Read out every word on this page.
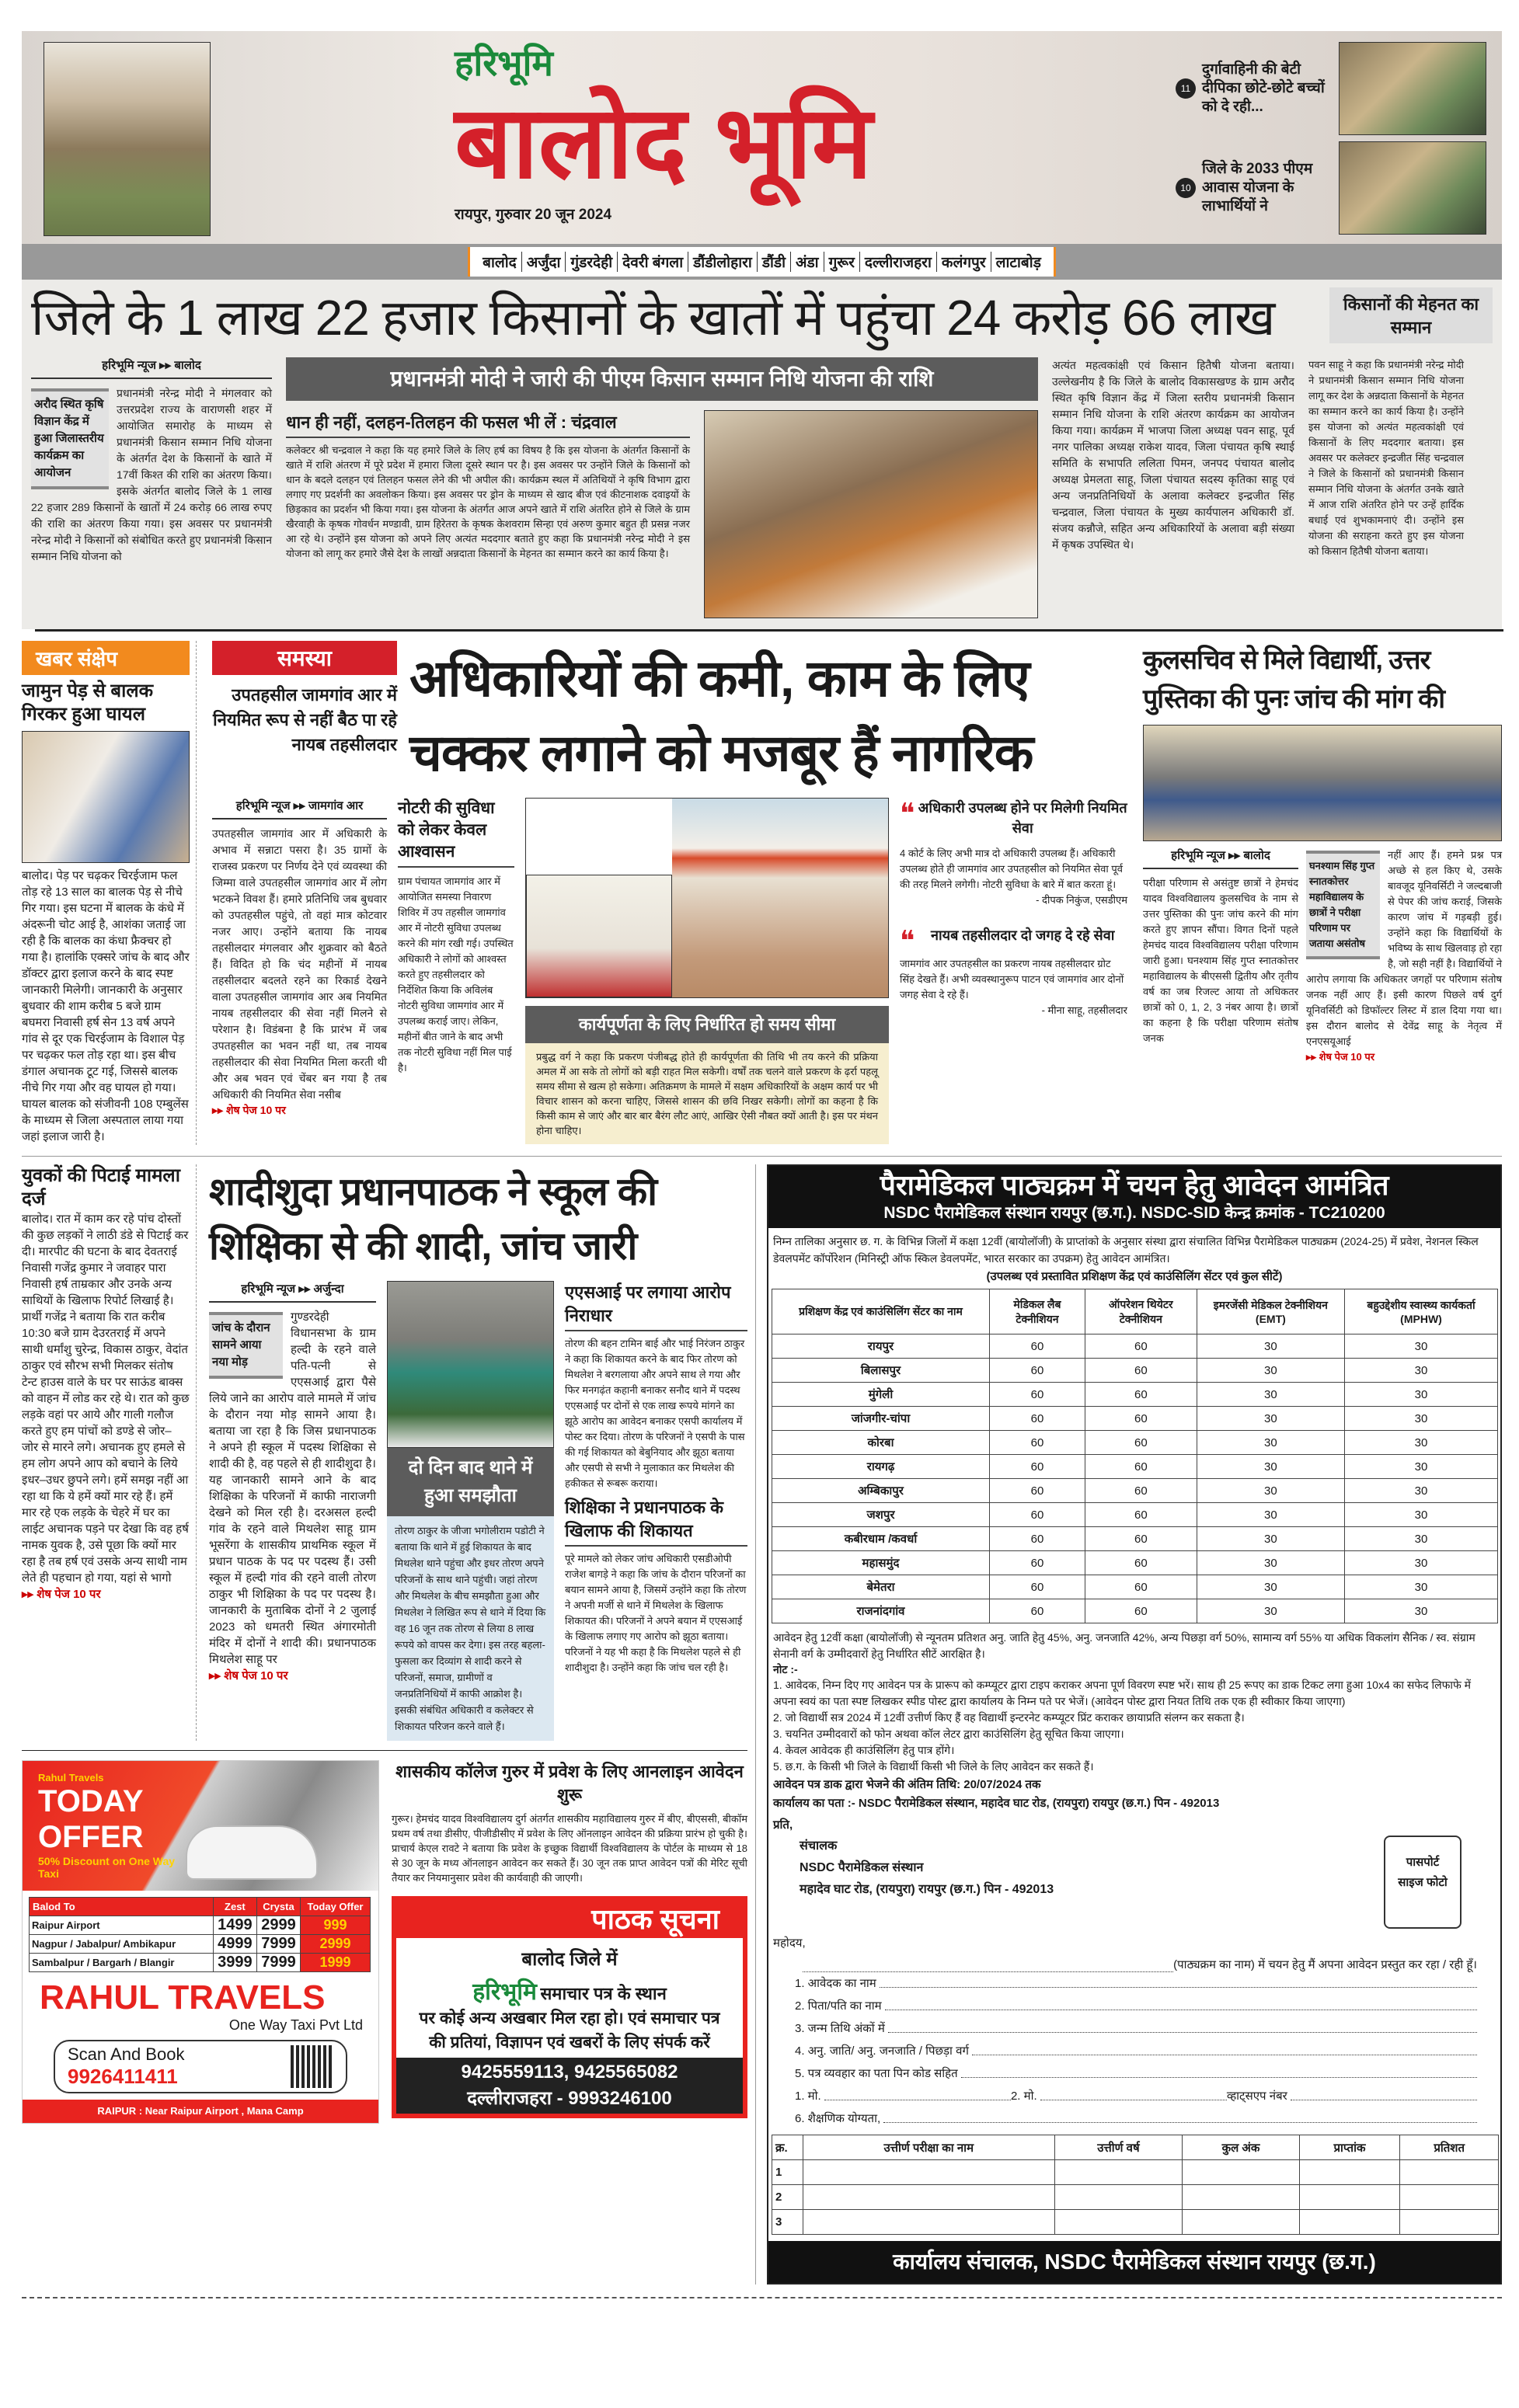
हरिभूमि
बालोद भूमि
रायपुर, गुरुवार 20 जून 2024
11
दुर्गावाहिनी की बेटी दीपिका छोटे-छोटे बच्चों को दे रही...
10
जिले के 2033 पीएम आवास योजना के लाभार्थियों ने
बालोद अर्जुंदा गुंडरदेही देवरी बंगला डौंडीलोहारा डौंडी अंडा गुरूर दल्लीराजहरा कलंगपुर लाटाबोड़
जिले के 1 लाख 22 हजार किसानों के खातों में पहुंचा 24 करोड़ 66 लाख	किसानों की मेहनत का सम्मान
हरिभूमि न्यूज ▸▸ बालोद
अरौद स्थित कृषि विज्ञान केंद्र में हुआ जिलास्तरीय कार्यक्रम का आयोजन
प्रधानमंत्री नरेन्द्र मोदी ने मंगलवार को उत्तरप्रदेश राज्य के वाराणसी शहर में आयोजित समारोह के माध्यम से प्रधानमंत्री किसान सम्मान निधि योजना के अंतर्गत देश के किसानों के खाते में 17वीं किश्त की राशि का अंतरण किया। इसके अंतर्गत बालोद जिले के 1 लाख 22 हजार 289 किसानों के खातों में 24 करोड़ 66 लाख रुपए की राशि का अंतरण किया गया। इस अवसर पर प्रधानमंत्री नरेन्द्र मोदी ने किसानों को संबोधित करते हुए प्रधानमंत्री किसान सम्मान निधि योजना को
प्रधानमंत्री मोदी ने जारी की पीएम किसान सम्मान निधि योजना की राशि
अत्यंत महत्वकांक्षी एवं किसान हितैषी योजना बताया। उल्लेखनीय है कि जिले के बालोद विकासखण्ड के ग्राम अरौद स्थित कृषि विज्ञान केंद्र में जिला स्तरीय प्रधानमंत्री किसान सम्मान निधि योजना के राशि अंतरण कार्यक्रम का आयोजन किया गया। कार्यक्रम में भाजपा जिला अध्यक्ष पवन साहू, पूर्व नगर पालिका अध्यक्ष राकेश यादव, जिला पंचायत कृषि स्थाई समिति के सभापति ललिता पिमन, जनपद पंचायत बालोद अध्यक्ष प्रेमलता साहू, जिला पंचायत सदस्य कृतिका साहू एवं अन्य जनप्रतिनिधियों के अलावा कलेक्टर इन्द्रजीत सिंह चन्द्रवाल, जिला पंचायत के मुख्य कार्यपालन अधिकारी डॉ. संजय कन्नौजे, सहित अन्य अधिकारियों के अलावा बड़ी संख्या में कृषक उपस्थित थे।
पवन साहू ने कहा कि प्रधानमंत्री नरेन्द्र मोदी ने प्रधानमंत्री किसान सम्मान निधि योजना लागू कर देश के अन्नदाता किसानों के मेहनत का सम्मान करने का कार्य किया है। उन्होंने इस योजना को अत्यंत महत्वकांक्षी एवं किसानों के लिए मददगार बताया। इस अवसर पर कलेक्टर इन्द्रजीत सिंह चन्द्रवाल ने जिले के किसानों को प्रधानमंत्री किसान सम्मान निधि योजना के अंतर्गत उनके खाते में आज राशि अंतरित होने पर उन्हें हार्दिक बधाई एवं शुभकामनाएं दी। उन्होंने इस योजना की सराहना करते हुए इस योजना को किसान हितैषी योजना बताया।
धान ही नहीं, दलहन-तिलहन की फसल भी लें : चंद्रवाल
कलेक्टर श्री चन्द्रवाल ने कहा कि यह हमारे जिले के लिए हर्ष का विषय है कि इस योजना के अंतर्गत किसानों के खाते में राशि अंतरण में पूरे प्रदेश में हमारा जिला दूसरे स्थान पर है। इस अवसर पर उन्होंने जिले के किसानों को धान के बदले दलहन एवं तिलहन फसल लेने की भी अपील की। कार्यक्रम स्थल में अतिथियों ने कृषि विभाग द्वारा लगाए गए प्रदर्शनी का अवलोकन किया। इस अवसर पर ड्रोन के माध्यम से खाद बीज एवं कीटनाशक दवाइयों के छिड़काव का प्रदर्शन भी किया गया। इस योजना के अंतर्गत आज अपने खाते में राशि अंतरित होने से जिले के ग्राम खैरवाही के कृषक गोवर्धन मण्डावी, ग्राम हिरेतरा के कृषक केशवराम सिन्हा एवं अरुण कुमार बहुत ही प्रसन्न नजर आ रहे थे। उन्होंने इस योजना को अपने लिए अत्यंत मददगार बताते हुए कहा कि प्रधानमंत्री नरेन्द्र मोदी ने इस योजना को लागू कर हमारे जैसे देश के लाखों अन्नदाता किसानों के मेहनत का सम्मान करने का कार्य किया है।
खबर संक्षेप
जामुन पेड़ से बालक गिरकर हुआ घायल
बालोद। पेड़ पर चढ़कर चिरईजाम फल तोड़ रहे 13 साल का बालक पेड़ से नीचे गिर गया। इस घटना में बालक के कंधे में अंदरूनी चोट आई है, आशंका जताई जा रही है कि बालक का कंधा फ्रैक्चर हो गया है। हालांकि एक्सरे जांच के बाद और डॉक्टर द्वारा इलाज करने के बाद स्पष्ट जानकारी मिलेगी। जानकारी के अनुसार बुधवार की शाम करीब 5 बजे ग्राम बघमरा निवासी हर्ष सेन 13 वर्ष अपने गांव से दूर एक चिरईजाम के विशाल पेड़ पर चढ़कर फल तोड़ रहा था। इस बीच डंगाल अचानक टूट गई, जिससे बालक नीचे गिर गया और वह घायल हो गया। घायल बालक को संजीवनी 108 एम्बुलेंस के माध्यम से जिला अस्पताल लाया गया जहां इलाज जारी है।
समस्या
उपतहसील जामगांव आर में नियमित रूप से नहीं बैठ पा रहे नायब तहसीलदार
अधिकारियों की कमी, काम के लिए
चक्कर लगाने को मजबूर हैं नागरिक
हरिभूमि न्यूज ▸▸ जामगांव आर
उपतहसील जामगांव आर में अधिकारी के अभाव में सन्नाटा पसरा है। 35 ग्रामों के राजस्व प्रकरण पर निर्णय देने एवं व्यवस्था की जिम्मा वाले उपतहसील जामगांव आर में लोग भटकने विवश हैं। हमारे प्रतिनिधि जब बुधवार को उपतहसील पहुंचे, तो वहां मात्र कोटवार नजर आए। उन्होंने बताया कि नायब तहसीलदार मंगलवार और शुक्रवार को बैठते हैं। विदित हो कि चंद महीनों में नायब तहसीलदार बदलते रहने का रिकार्ड देखने वाला उपतहसील जामगांव आर अब नियमित नायब तहसीलदार की सेवा नहीं मिलने से परेशान है। विडंबना है कि प्रारंभ में जब उपतहसील का भवन नहीं था, तब नायब तहसीलदार की सेवा नियमित मिला करती थी और अब भवन एवं चेंबर बन गया है तब अधिकारी की नियमित सेवा नसीब
▸▸ शेष पेज 10 पर
नोटरी की सुविधा को लेकर केवल आश्वासन
ग्राम पंचायत जामगांव आर में आयोजित समस्या निवारण शिविर में उप तहसील जामगांव आर में नोटरी सुविधा उपलब्ध करने की मांग रखी गई। उपस्थित अधिकारी ने लोगों को आश्वस्त करते हुए तहसीलदार को निर्देशित किया कि अविलंब नोटरी सुविधा जामगांव आर में उपलब्ध कराई जाए। लेकिन, महीनों बीत जाने के बाद अभी तक नोटरी सुविधा नहीं मिल पाई है।
कार्यपूर्णता के लिए निर्धारित हो समय सीमा
प्रबुद्ध वर्ग ने कहा कि प्रकरण पंजीबद्ध होते ही कार्यपूर्णता की तिथि भी तय करने की प्रक्रिया अमल में आ सके तो लोगों को बड़ी राहत मिल सकेगी। वर्षों तक चलने वाले प्रकरण के ढ़र्रा पहलू समय सीमा से खत्म हो सकेगा। अतिक्रमण के मामले में सक्षम अधिकारियों के अक्षम कार्य पर भी विचार शासन को करना चाहिए, जिससे शासन की छवि निखर सकेगी। लोगों का कहना है कि किसी काम से जाएं और बार बार बैरंग लौट आएं, आखिर ऐसी नौबत क्यों आती है। इस पर मंथन होना चाहिए।
❝ अधिकारी उपलब्ध होने पर मिलेगी नियमित सेवा
4 कोर्ट के लिए अभी मात्र दो अधिकारी उपलब्ध हैं। अधिकारी उपलब्ध होते ही जामगांव आर उपतहसील को नियमित सेवा पूर्व की तरह मिलने लगेगी। नोटरी सुविधा के बारे में बात करता हूं।
- दीपक निकुंज, एसडीएम
❝	नायब तहसीलदार दो जगह दे रहे सेवा
जामगांव आर उपतहसील का प्रकरण नायब तहसीलदार ग्रोट सिंह देखते हैं। अभी व्यवस्थानुरूप पाटन एवं जामगांव आर दोनों जगह सेवा दे रहे हैं।
- मीना साहू, तहसीलदार
कुलसचिव से मिले विद्यार्थी, उत्तर पुस्तिका की पुनः जांच की मांग की
हरिभूमि न्यूज ▸▸ बालोद
परीक्षा परिणाम से असंतुष्ट छात्रों ने हेमचंद यादव विश्वविद्यालय कुलसचिव के नाम से उत्तर पुस्तिका की पुनः जांच करने की मांग करते हुए ज्ञापन सौंपा। विगत दिनों पहले हेमचंद यादव विश्वविद्यालय परीक्षा परिणाम जारी हुआ। घनश्याम सिंह गुप्त स्नातकोत्तर महाविद्यालय के बीएससी द्वितीय और तृतीय वर्ष का जब रिजल्ट आया तो अधिकतर छात्रों को 0, 1, 2, 3 नंबर आया है। छात्रों का कहना है कि परीक्षा परिणाम संतोष जनक
घनश्याम सिंह गुप्त स्नातकोत्तर महाविद्यालय के छात्रों ने परीक्षा परिणाम पर जताया असंतोष
नहीं आए हैं। हमने प्रश्न पत्र अच्छे से हल किए थे, उसके बावजूद यूनिवर्सिटी ने जल्दबाजी से पेपर की जांच कराई, जिसके कारण जांच में गड़बड़ी हुई। उन्होंने कहा कि विद्यार्थियों के भविष्य के साथ खिलवाड़ हो रहा है, जो सही नहीं है। विद्यार्थियों ने आरोप लगाया कि अधिकतर जगहों पर परिणाम संतोष जनक नहीं आए हैं। इसी कारण पिछले वर्ष दुर्ग यूनिवर्सिटी को डिफॉल्टर लिस्ट में डाल दिया गया था। इस दौरान बालोद से देवेंद्र साहू के नेतृत्व में एनएसयूआई
▸▸ शेष पेज 10 पर
युवकों की पिटाई मामला दर्ज
बालोद। रात में काम कर रहे पांच दोस्तों की कुछ लड़कों ने लाठी डंडे से पिटाई कर दी। मारपीट की घटना के बाद देवतराई निवासी गजेंद्र कुमार ने जवाहर पारा निवासी हर्ष ताम्रकार और उनके अन्य साथियों के खिलाफ रिपोर्ट लिखाई है। प्रार्थी गजेंद्र ने बताया कि रात करीब 10:30 बजे ग्राम देउरतराई में अपने साथी धर्मांशु चुरेन्द्र, विकास ठाकुर, वेदांत ठाकुर एवं सौरभ सभी मिलकर संतोष टेन्ट हाउस वाले के घर पर साऊंड बाक्स को वाहन में लोड कर रहे थे। रात को कुछ लड़के वहां पर आये और गाली गलौज करते हुए हम पांचों को डण्डे से जोर– जोर से मारने लगे। अचानक हुए हमले से हम लोग अपने आप को बचाने के लिये इधर–उधर छुपने लगे। हमें समझ नहीं आ रहा था कि ये हमें क्यों मार रहे हैं। हमें मार रहे एक लड़के के चेहरे में घर का लाईट अचानक पड़ने पर देखा कि वह हर्ष नामक युवक है, उसे पूछा कि क्यों मार रहा है तब हर्ष एवं उसके अन्य साथी नाम लेते ही पहचान हो गया, यहां से भागो
▸▸ शेष पेज 10 पर
शादीशुदा प्रधानपाठक ने स्कूल की
शिक्षिका से की शादी, जांच जारी
हरिभूमि न्यूज ▸▸ अर्जुन्दा
जांच के दौरान सामने आया नया मोड़
गुण्डरदेही विधानसभा के ग्राम हल्दी के रहने वाले पति-पत्नी से एएसआई द्वारा पैसे लिये जाने का आरोप वाले मामले में जांच के दौरान नया मोड़ सामने आया है। बताया जा रहा है कि जिस प्रधानपाठक ने अपने ही स्कूल में पदस्थ शिक्षिका से शादी की है, वह पहले से ही शादीशुदा है। यह जानकारी सामने आने के बाद शिक्षिका के परिजनों में काफी नाराजगी देखने को मिल रही है। दरअसल हल्दी गांव के रहने वाले मिथलेश साहू ग्राम भूसरेंगा के शासकीय प्राथमिक स्कूल में प्रधान पाठक के पद पर पदस्थ हैं। उसी स्कूल में हल्दी गांव की रहने वाली तोरण ठाकुर भी शिक्षिका के पद पर पदस्थ है। जानकारी के मुताबिक दोनों ने 2 जुलाई 2023 को धमतरी स्थित अंगारमोती मंदिर में दोनों ने शादी की। प्रधानपाठक मिथलेश साहू पर
▸▸ शेष पेज 10 पर
दो दिन बाद थाने में हुआ समझौता
तोरण ठाकुर के जीजा भगोलीराम पडोटी ने बताया कि थाने में हुई शिकायत के बाद मिथलेश थाने पहुंचा और इधर तोरण अपने परिजनों के साथ थाने पहुंची। जहां तोरण और मिथलेश के बीच समझौता हुआ और मिथलेश ने लिखित रूप से थाने में दिया कि वह 16 जून तक तोरण से लिया 8 लाख रूपये को वापस कर देगा। इस तरह बहला-फुसला कर दिव्यांग से शादी करने से परिजनों, समाज, ग्रामीणों व जनप्रतिनिधियों में काफी आक्रोश है। इसकी संबंधित अधिकारी व कलेक्टर से शिकायत परिजन करने वाले हैं।
एएसआई पर लगाया आरोप निराधार
तोरण की बहन टामिन बाई और भाई निरंजन ठाकुर ने कहा कि शिकायत करने के बाद फिर तोरण को मिथलेश ने बरगलाया और अपने साथ ले गया और फिर मनगढ़ंत कहानी बनाकर सनौद थाने में पदस्थ एएसआई पर दोनों से एक लाख रूपये मांगने का झूठे आरोप का आवेदन बनाकर एसपी कार्यालय में पोस्ट कर दिया। तोरण के परिजनों ने एसपी के पास की गई शिकायत को बेबुनियाद और झूठा बताया और एसपी से सभी ने मुलाकात कर मिथलेश की हकीकत से रूबरू कराया।
शिक्षिका ने प्रधानपाठक के खिलाफ की शिकायत
पूरे मामले को लेकर जांच अधिकारी एसडीओपी राजेश बागड़े ने कहा कि जांच के दौरान परिजनों का बयान सामने आया है, जिसमें उन्होंने कहा कि तोरण ने अपनी मर्जी से थाने में मिथलेश के खिलाफ शिकायत की। परिजनों ने अपने बयान में एएसआई के खिलाफ लगाए गए आरोप को झूठा बताया। परिजनों ने यह भी कहा है कि मिथलेश पहले से ही शादीशुदा है। उन्होंने कहा कि जांच चल रही है।
Rahul Travels
TODAY
OFFER
50% Discount on One Way Taxi
Balod To	Zest	Crysta	Today Offer
Raipur Airport	1499	2999	999
Nagpur / Jabalpur/ Ambikapur	4999	7999	2999
Sambalpur / Bargarh / Blangir	3999	7999	1999
RAHUL TRAVELS
One Way Taxi Pvt Ltd
Scan And Book
9926411411
RAIPUR : Near Raipur Airport , Mana Camp
शासकीय कॉलेज गुरुर में प्रवेश के लिए आनलाइन आवेदन शुरू
गुरूर। हेमचंद यादव विश्वविद्यालय दुर्ग अंतर्गत शासकीय महाविद्यालय गुरुर में बीए, बीएससी, बीकॉम प्रथम वर्ष तथा डीसीए, पीजीडीसीए में प्रवेश के लिए ऑनलाइन आवेदन की प्रक्रिया प्रारंभ हो चुकी है। प्राचार्य केएल रावटे ने बताया कि प्रवेश के इच्छुक विद्यार्थी विश्वविद्यालय के पोर्टल के माध्यम से 18 से 30 जून के मध्य ऑनलाइन आवेदन कर सकते हैं। 30 जून तक प्राप्त आवेदन पत्रों की मेरिट सूची तैयार कर नियमानुसार प्रवेश की कार्यवाही की जाएगी।
पाठक सूचना
बालोद जिले में
हरिभूमि समाचार पत्र के स्थान
पर कोई अन्य अखबार मिल रहा हो। एवं समाचार पत्र की प्रतियां, विज्ञापन एवं खबरों के लिए संपर्क करें
9425559113, 9425565082
दल्लीराजहरा - 9993246100
पैरामेडिकल पाठ्यक्रम में चयन हेतु आवेदन आमंत्रित
NSDC पैरामेडिकल संस्थान रायपुर (छ.ग.). NSDC-SID केन्द्र क्रमांक - TC210200
निम्न तालिका अनुसार छ. ग. के विभिन्न जिलों में कक्षा 12वीं (बायोलॉजी) के प्राप्तांको के अनुसार संस्था द्वारा संचालित विभिन्न पैरामेडिकल पाठ्यक्रम (2024-25) में प्रवेश, नेशनल स्किल डेवलपमेंट कॉर्पोरेशन (मिनिस्ट्री ऑफ स्किल डेवलपमेंट, भारत सरकार का उपक्रम) हेतु आवेदन आमंत्रित।
(उपलब्ध एवं प्रस्तावित प्रशिक्षण केंद्र एवं काउंसिलिंग सेंटर एवं कुल सीटें)
प्रशिक्षण केंद्र एवं काउंसिलिंग सेंटर का नाम	मेडिकल लैब टेक्नीशियन	ऑपरेशन थियेटर टेक्नीशियन	इमरजेंसी मेडिकल टेक्नीशियन (EMT)	बहुउद्देशीय स्वास्थ्य कार्यकर्ता (MPHW)
रायपुर	60	60	30	30
बिलासपुर	60	60	30	30
मुंगेली	60	60	30	30
जांजगीर-चांपा	60	60	30	30
कोरबा	60	60	30	30
रायगढ़	60	60	30	30
अम्बिकापुर	60	60	30	30
जशपुर	60	60	30	30
कबीरधाम /कवर्धा	60	60	30	30
महासमुंद	60	60	30	30
बेमेतरा	60	60	30	30
राजनांदगांव	60	60	30	30
आवेदन हेतु 12वीं कक्षा (बायोलॉजी) से न्यूनतम प्रतिशत अनु. जाति हेतु 45%, अनु. जनजाति 42%, अन्य पिछड़ा वर्ग 50%, सामान्य वर्ग 55% या अधिक विकलांग सैनिक / स्व. संग्राम सेनानी वर्ग के उम्मीदवारों हेतु निर्धारित सीटें आरक्षित है।
नोट :-
1. आवेदक, निम्न दिए गए आवेदन पत्र के प्रारूप को कम्प्यूटर द्वारा टाइप कराकर अपना पूर्ण विवरण स्पष्ट भरें। साथ ही 25 रूपए का डाक टिकट लगा हुआ 10x4 का सफेद लिफाफे में अपना स्वयं का पता स्पष्ट लिखकर स्पीड पोस्ट द्वारा कार्यालय के निम्न पते पर भेजें। (आवेदन पोस्ट द्वारा नियत तिथि तक एक ही स्वीकार किया जाएगा)
2. जो विद्यार्थी सत्र 2024 में 12वीं उत्तीर्ण किए हैं वह विद्यार्थी इन्टरनेट कम्प्यूटर प्रिंट कराकर छायाप्रति संलग्न कर सकता है।
3. चयनित उम्मीदवारों को फोन अथवा कॉल लेटर द्वारा काउंसिलिंग हेतु सूचित किया जाएगा।
4. केवल आवेदक ही काउंसिलिंग हेतु पात्र होंगे।
5. छ.ग. के किसी भी जिले के विद्यार्थी किसी भी जिले के लिए आवेदन कर सकते हैं।
आवेदन पत्र डाक द्वारा भेजने की अंतिम तिथि: 20/07/2024 तक
कार्यालय का पता :- NSDC पैरामेडिकल संस्थान, महादेव घाट रोड, (रायपुरा) रायपुर (छ.ग.) पिन - 492013
प्रति,
संचालक
NSDC पैरामेडिकल संस्थान
महादेव घाट रोड, (रायपुरा) रायपुर (छ.ग.) पिन - 492013
पासपोर्ट साइज फोटो
महोदय,
(पाठ्यक्रम का नाम) में चयन हेतु मैं अपना आवेदन प्रस्तुत कर रहा / रही हूँ।
1. आवेदक का नाम
2. पिता/पति का नाम
3. जन्म तिथि अंकों में
4. अनु. जाति/ अनु. जनजाति / पिछड़ा वर्ग
5. पत्र व्यवहार का पता पिन कोड सहित
1. मो.	2. मो.	व्हाट्सएप नंबर
6. शैक्षणिक योग्यता,
क्र.	उत्तीर्ण परीक्षा का नाम	उत्तीर्ण वर्ष	कुल अंक	प्राप्तांक	प्रतिशत
1					
2					
3					
कार्यालय संचालक, NSDC पैरामेडिकल संस्थान रायपुर (छ.ग.)
